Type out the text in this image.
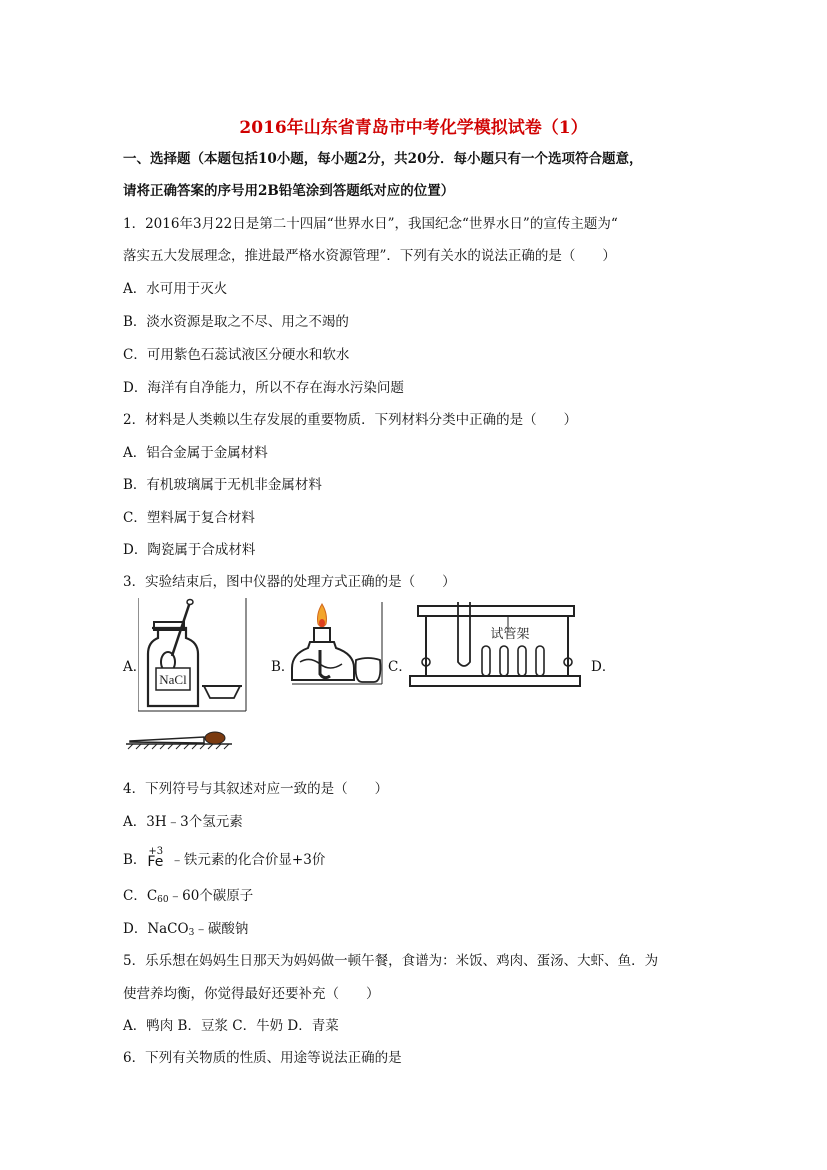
2016年山东省青岛市中考化学模拟试卷（1）
一、选择题（本题包括10小题，每小题2分，共20分．每小题只有一个选项符合题意，
请将正确答案的序号用2B铅笔涂到答题纸对应的位置）
1．2016年3月22日是第二十四届“世界水日”，我国纪念“世界水日”的宣传主题为“
落实五大发展理念，推进最严格水资源管理”．下列有关水的说法正确的是（　　）
A．水可用于灭火
B．淡水资源是取之不尽、用之不竭的
C．可用紫色石蕊试液区分硬水和软水
D．海洋有自净能力，所以不存在海水污染问题
2．材料是人类赖以生存发展的重要物质．下列材料分类中正确的是（　　）
A．铝合金属于金属材料
B．有机玻璃属于无机非金属材料
C．塑料属于复合材料
D．陶瓷属于合成材料
3．实验结束后，图中仪器的处理方式正确的是（　　）
A．	B．	C．	D．
NaCl
试管架
4．下列符号与其叙述对应一致的是（　　）
A．3H﹣3个氢元素
B．
+3
Fe ﹣铁元素的化合价显+3价
C．$C_{60}﹣60$个碳原子
D．NaCO$_3$﹣碳酸钠
5．乐乐想在妈妈生日那天为妈妈做一顿午餐，食谱为：米饭、鸡肉、蛋汤、大虾、鱼．为
使营养均衡，你觉得最好还要补充（　　）
A．鸭肉 B．豆浆 C．牛奶 D．青菜
6．下列有关物质的性质、用途等说法正确的是
